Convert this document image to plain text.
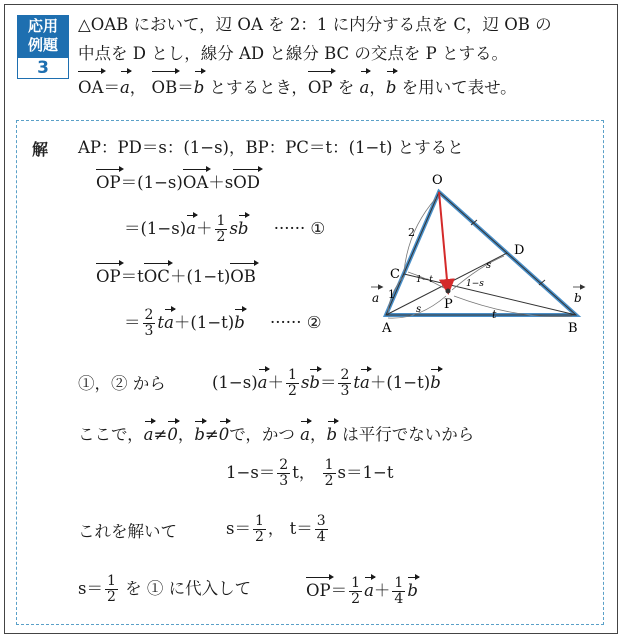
応用
例題
3
△OAB において，辺 OA を 2：1 に内分する点を C，辺 OB の
中点を D とし，線分 AD と線分 BC の交点を P とする。
OA＝a， OB＝b とするとき，OP を a，b を用いて表せ。
解 AP：PD＝s：(1−s)，BP：PC＝t：(1−t) とすると
OP＝(1−s)OA＋sOD
$=(1-s)a+ \frac{1}{2}$ sb ······ ①
OP＝tOC＋(1−t)OB
＝ $\frac{2}{3} ta+(1-t)b$ ······ ②
①，② から	$(1-s)a+ \frac{1}{2} sb= \frac{2}{3} ta+(1-t)b$
ここで，a≠0，b≠0で，かつ a，b は平行でないから
$1-s= \frac{2}{3}$ t， $\frac{1}{2} s=1-t$
これを解いて	$s= \frac{1}{2}$ ， $t= \frac{3}{4}$
$s= \frac{1}{2}$ を ① に代入して	$OP= \frac{1}{2} a+ \frac{1}{4}$ b
O
A	B
C
D
P
2
1
s
s
1−s
1−t
t
a	b
